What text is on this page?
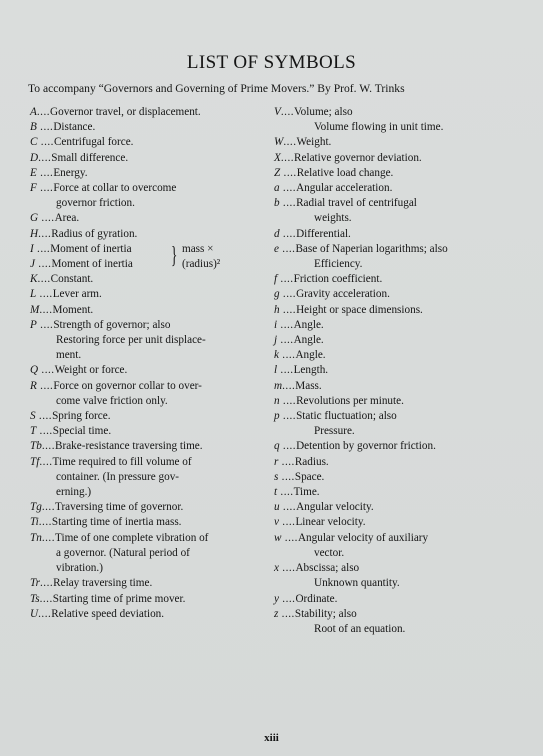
LIST OF SYMBOLS
To accompany “Governors and Governing of Prime Movers.” By Prof. W. Trinks
A....Governor travel, or displacement.
B ....Distance.
C ....Centrifugal force.
D....Small difference.
E ....Energy.
F ....Force at collar to overcome
governor friction.
G ....Area.
H....Radius of gyration.
I ....Moment of inertia	} mass ×
(radius)²
J ....Moment of inertia
K....Constant.
L ....Lever arm.
M....Moment.
P ....Strength of governor; also
Restoring force per unit displace-
ment.
Q ....Weight or force.
R ....Force on governor collar to over-
come valve friction only.
S ....Spring force.
T ....Special time.
Tb....Brake-resistance traversing time.
Tf....Time required to fill volume of
container. (In pressure gov-
erning.)
Tg....Traversing time of governor.
Ti....Starting time of inertia mass.
Tn....Time of one complete vibration of
a governor. (Natural period of
vibration.)
Tr....Relay traversing time.
Ts....Starting time of prime mover.
U....Relative speed deviation.
V....Volume; also
Volume flowing in unit time.
W....Weight.
X....Relative governor deviation.
Z ....Relative load change.
a ....Angular acceleration.
b ....Radial travel of centrifugal
weights.
d ....Differential.
e ....Base of Naperian logarithms; also
Efficiency.
f ....Friction coefficient.
g ....Gravity acceleration.
h ....Height or space dimensions.
i ....Angle.
j ....Angle.
k ....Angle.
l ....Length.
m....Mass.
n ....Revolutions per minute.
p ....Static fluctuation; also
Pressure.
q ....Detention by governor friction.
r ....Radius.
s ....Space.
t ....Time.
u ....Angular velocity.
v ....Linear velocity.
w ....Angular velocity of auxiliary
vector.
x ....Abscissa; also
Unknown quantity.
y ....Ordinate.
z ....Stability; also
Root of an equation.
xiii
